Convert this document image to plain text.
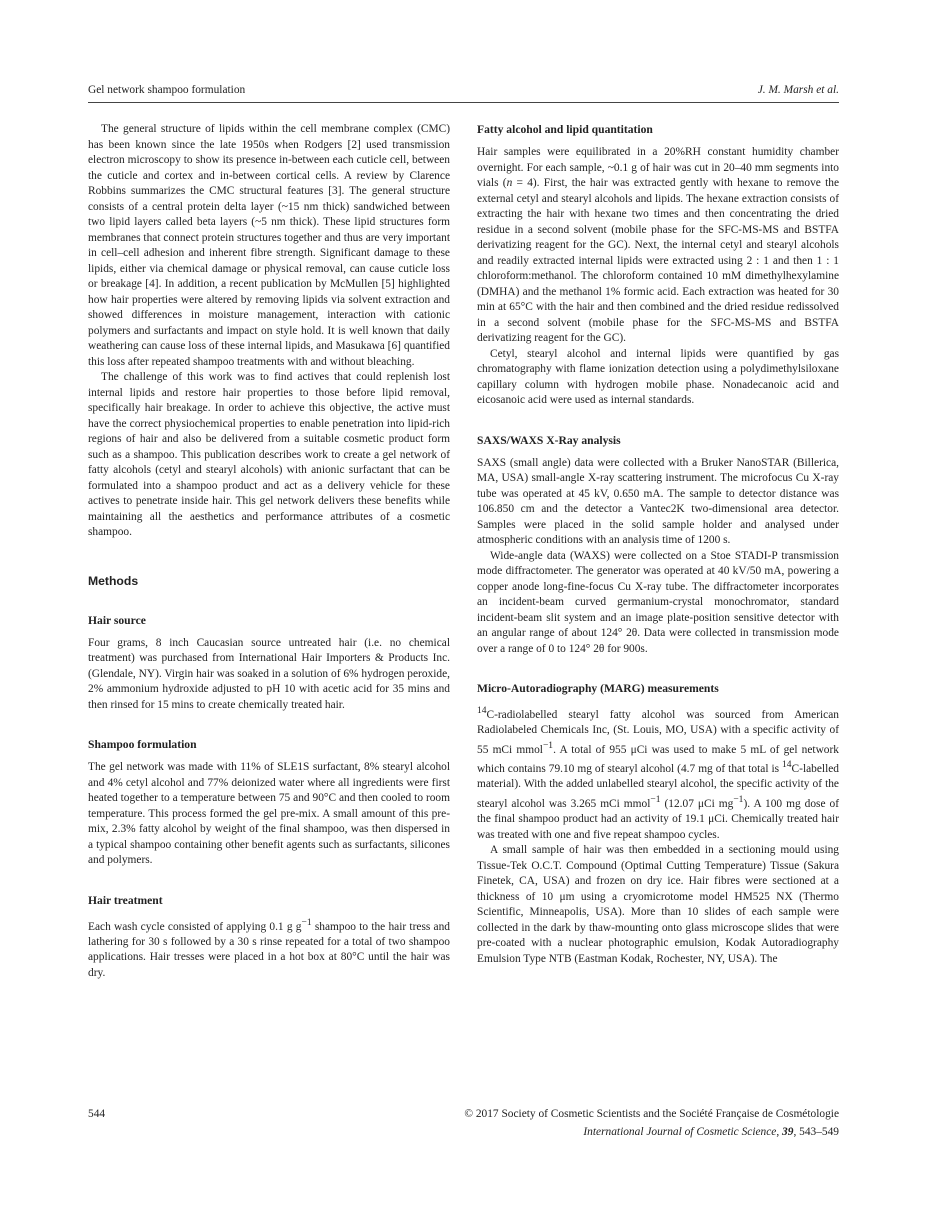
Gel network shampoo formulation	J. M. Marsh et al.

The general structure of lipids within the cell membrane complex (CMC) has been known since the late 1950s when Rodgers [2] used transmission electron microscopy to show its presence in-between each cuticle cell, between the cuticle and cortex and in-between cortical cells. A review by Clarence Robbins summarizes the CMC structural features [3]. The general structure consists of a central protein delta layer (~15 nm thick) sandwiched between two lipid layers called beta layers (~5 nm thick). These lipid structures form membranes that connect protein structures together and thus are very important in cell–cell adhesion and inherent fibre strength. Significant damage to these lipids, either via chemical damage or physical removal, can cause cuticle loss or breakage [4]. In addition, a recent publication by McMullen [5] highlighted how hair properties were altered by removing lipids via solvent extraction and showed differences in moisture management, interaction with cationic polymers and surfactants and impact on style hold. It is well known that daily weathering can cause loss of these internal lipids, and Masukawa [6] quantified this loss after repeated shampoo treatments with and without bleaching.

The challenge of this work was to find actives that could replenish lost internal lipids and restore hair properties to those before lipid removal, specifically hair breakage. In order to achieve this objective, the active must have the correct physiochemical properties to enable penetration into lipid-rich regions of hair and also be delivered from a suitable cosmetic product form such as a shampoo. This publication describes work to create a gel network of fatty alcohols (cetyl and stearyl alcohols) with anionic surfactant that can be formulated into a shampoo product and act as a delivery vehicle for these actives to penetrate inside hair. This gel network delivers these benefits while maintaining all the aesthetics and performance attributes of a cosmetic shampoo.

Methods
Hair source

Four grams, 8 inch Caucasian source untreated hair (i.e. no chemical treatment) was purchased from International Hair Importers & Products Inc. (Glendale, NY). Virgin hair was soaked in a solution of 6% hydrogen peroxide, 2% ammonium hydroxide adjusted to pH 10 with acetic acid for 35 mins and then rinsed for 15 mins to create chemically treated hair.

Shampoo formulation

The gel network was made with 11% of SLE1S surfactant, 8% stearyl alcohol and 4% cetyl alcohol and 77% deionized water where all ingredients were first heated together to a temperature between 75 and 90°C and then cooled to room temperature. This process formed the gel pre-mix. A small amount of this pre-mix, 2.3% fatty alcohol by weight of the final shampoo, was then dispersed in a typical shampoo containing other benefit agents such as surfactants, silicones and polymers.

Hair treatment

Each wash cycle consisted of applying 0.1 g $g^{-1}$ shampoo to the hair tress and lathering for 30 s followed by a 30 s rinse repeated for a total of two shampoo applications. Hair tresses were placed in a hot box at 80°C until the hair was dry.

Fatty alcohol and lipid quantitation

Hair samples were equilibrated in a 20%RH constant humidity chamber overnight. For each sample, ~0.1 g of hair was cut in 20–40 mm segments into vials (n = 4). First, the hair was extracted gently with hexane to remove the external cetyl and stearyl alcohols and lipids. The hexane extraction consists of extracting the hair with hexane two times and then concentrating the dried residue in a second solvent (mobile phase for the SFC-MS-MS and BSTFA derivatizing reagent for the GC). Next, the internal cetyl and stearyl alcohols and readily extracted internal lipids were extracted using 2 : 1 and then 1 : 1 chloroform:methanol. The chloroform contained 10 mM dimethylhexylamine (DMHA) and the methanol 1% formic acid. Each extraction was heated for 30 min at 65°C with the hair and then combined and the dried residue redissolved in a second solvent (mobile phase for the SFC-MS-MS and BSTFA derivatizing reagent for the GC).

Cetyl, stearyl alcohol and internal lipids were quantified by gas chromatography with flame ionization detection using a polydimethylsiloxane capillary column with hydrogen mobile phase. Nonadecanoic acid and eicosanoic acid were used as internal standards.

SAXS/WAXS X-Ray analysis

SAXS (small angle) data were collected with a Bruker NanoSTAR (Billerica, MA, USA) small-angle X-ray scattering instrument. The microfocus Cu X-ray tube was operated at 45 kV, 0.650 mA. The sample to detector distance was 106.850 cm and the detector a Vantec2K two-dimensional area detector. Samples were placed in the solid sample holder and analysed under atmospheric conditions with an analysis time of 1200 s.

Wide-angle data (WAXS) were collected on a Stoe STADI-P transmission mode diffractometer. The generator was operated at 40 kV/50 mA, powering a copper anode long-fine-focus Cu X-ray tube. The diffractometer incorporates an incident-beam curved germanium-crystal monochromator, standard incident-beam slit system and an image plate-position sensitive detector with an angular range of about 124° 2θ. Data were collected in transmission mode over a range of 0 to 124° 2θ for 900s.

Micro-Autoradiography (MARG) measurements

$^{14}$C-radiolabelled stearyl fatty alcohol was sourced from American Radiolabeled Chemicals Inc, (St. Louis, MO, USA) with a specific activity of 55 mCi mmol$^{-1}$. A total of 955 μCi was used to make 5 mL of gel network which contains 79.10 mg of stearyl alcohol (4.7 mg of that total is $^{14}$C-labelled material). With the added unlabelled stearyl alcohol, the specific activity of the stearyl alcohol was 3.265 mCi mmol$^{-1}$ (12.07 μCi $mg^{-1}$). A 100 mg dose of the final shampoo product had an activity of 19.1 μCi. Chemically treated hair was treated with one and five repeat shampoo cycles.

A small sample of hair was then embedded in a sectioning mould using Tissue-Tek O.C.T. Compound (Optimal Cutting Temperature) Tissue (Sakura Finetek, CA, USA) and frozen on dry ice. Hair fibres were sectioned at a thickness of 10 μm using a cryomicrotome model HM525 NX (Thermo Scientific, Minneapolis, USA). More than 10 slides of each sample were collected in the dark by thaw-mounting onto glass microscope slides that were pre-coated with a nuclear photographic emulsion, Kodak Autoradiography Emulsion Type NTB (Eastman Kodak, Rochester, NY, USA). The

544	© 2017 Society of Cosmetic Scientists and the Société Française de Cosmétologie
International Journal of Cosmetic Science, 39, 543–549
